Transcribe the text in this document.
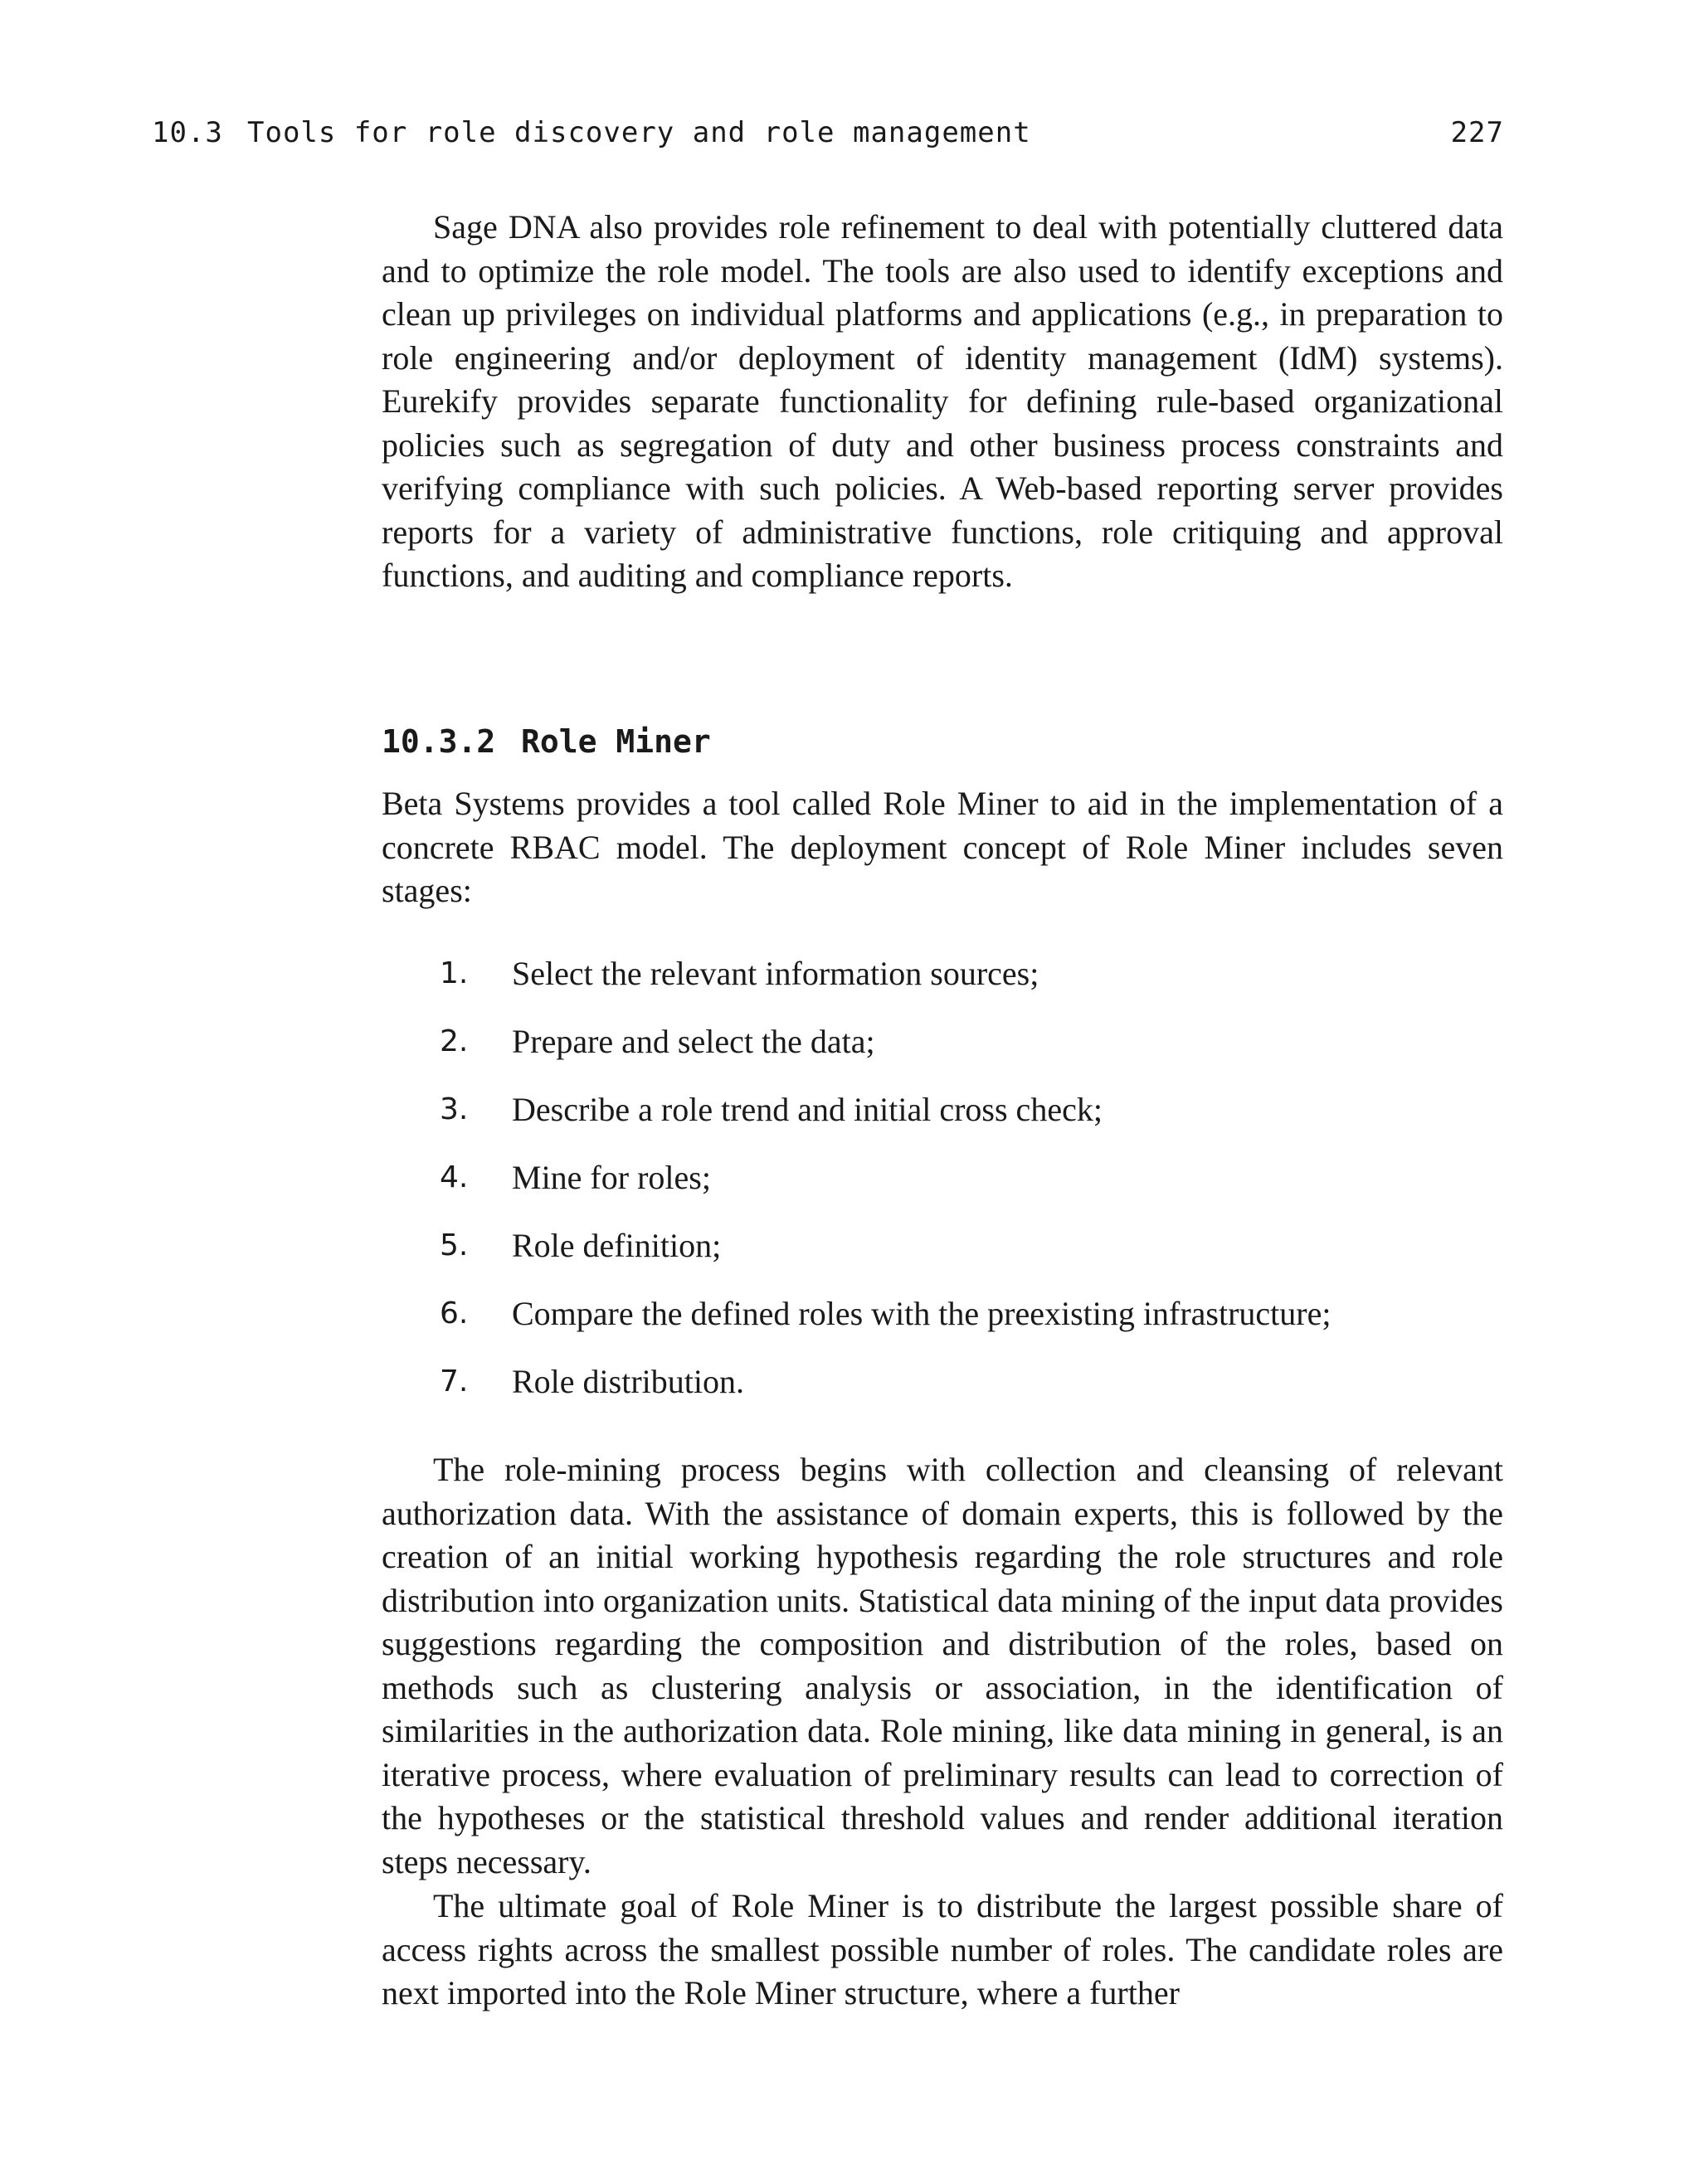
10.3 Tools for role discovery and role management	227

Sage DNA also provides role refinement to deal with potentially cluttered data and to optimize the role model. The tools are also used to identify exceptions and clean up privileges on individual platforms and applications (e.g., in preparation to role engineering and/or deployment of identity management (IdM) systems). Eurekify provides separate functionality for defining rule-based organizational policies such as segregation of duty and other business process constraints and verifying compliance with such policies. A Web-based reporting server provides reports for a variety of administrative functions, role critiquing and approval functions, and auditing and compliance reports.

10.3.2 Role Miner

Beta Systems provides a tool called Role Miner to aid in the implementation of a concrete RBAC model. The deployment concept of Role Miner includes seven stages:

1. Select the relevant information sources;
2. Prepare and select the data;
3. Describe a role trend and initial cross check;
4. Mine for roles;
5. Role definition;
6. Compare the defined roles with the preexisting infrastructure;
7. Role distribution.

The role-mining process begins with collection and cleansing of relevant authorization data. With the assistance of domain experts, this is followed by the creation of an initial working hypothesis regarding the role structures and role distribution into organization units. Statistical data mining of the input data provides suggestions regarding the composition and distribution of the roles, based on methods such as clustering analysis or association, in the identification of similarities in the authorization data. Role mining, like data mining in general, is an iterative process, where evaluation of preliminary results can lead to correction of the hypotheses or the statistical threshold values and render additional iteration steps necessary.

The ultimate goal of Role Miner is to distribute the largest possible share of access rights across the smallest possible number of roles. The candidate roles are next imported into the Role Miner structure, where a further
